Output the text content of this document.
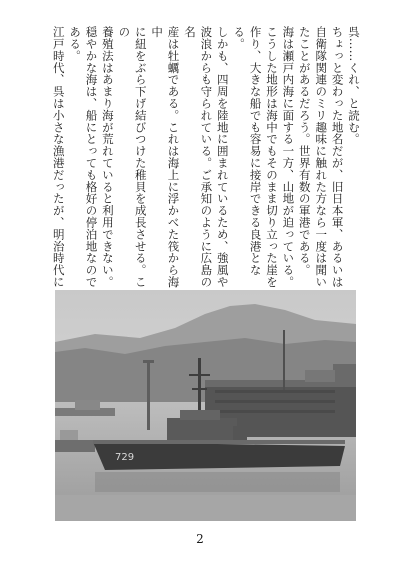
呉……くれ、と読む。

ちょっと変わった地名だが、旧日本軍、あるいは

自衛隊関連のミリ趣味に触れた方なら一度は聞い

たことがあるだろう。世界有数の軍港である。

海は瀬戸内海に面する一方、山地が迫っている。

こうした地形は海中でもそのまま切り立った崖を

作り、大きな船でも容易に接岸できる良港となる。

しかも、四周を陸地に囲まれているため、強風や

波浪からも守られている。ご承知のように広島の名

産は牡蠣である。これは海上に浮かべた筏から海中

に紐をぶら下げ結びつけた稚貝を成長させる。この

養殖法はあまり海が荒れていると利用できない。

穏やかな海は、船にとっても格好の停泊地なので

ある。

江戸時代、呉は小さな漁港だったが、明治時代に

729
2
